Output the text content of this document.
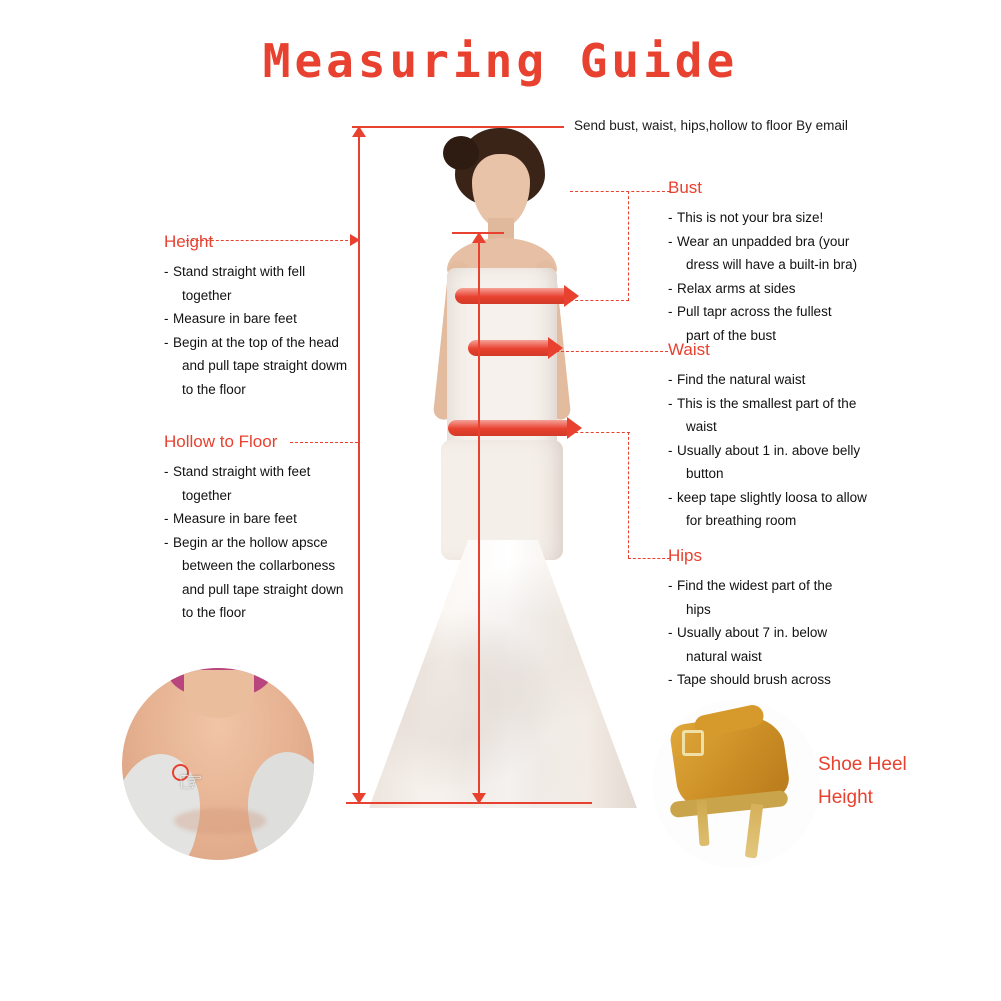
Measuring Guide
Send bust, waist, hips,hollow to floor By email
Height
- Stand straight with fell
together
- Measure in bare feet
- Begin at the top of the head
and pull tape straight dowm
to the floor
Hollow to Floor
- Stand straight with feet
together
- Measure in bare feet
- Begin ar the hollow apsce
between the collarboness
and pull tape straight down
to the floor
Bust
- This is not your bra size!
- Wear an unpadded bra (your
dress will have a built-in bra)
- Relax arms at sides
- Pull tapr across the fullest
part of the bust
Waist
- Find the natural waist
- This is the smallest part of the
waist
- Usually about 1 in. above belly
button
- keep tape slightly loosa to allow
for breathing room
Hips
- Find the widest part of the
hips
- Usually about 7 in. below
natural waist
- Tape should brush across
☞
Shoe Heel
Height
